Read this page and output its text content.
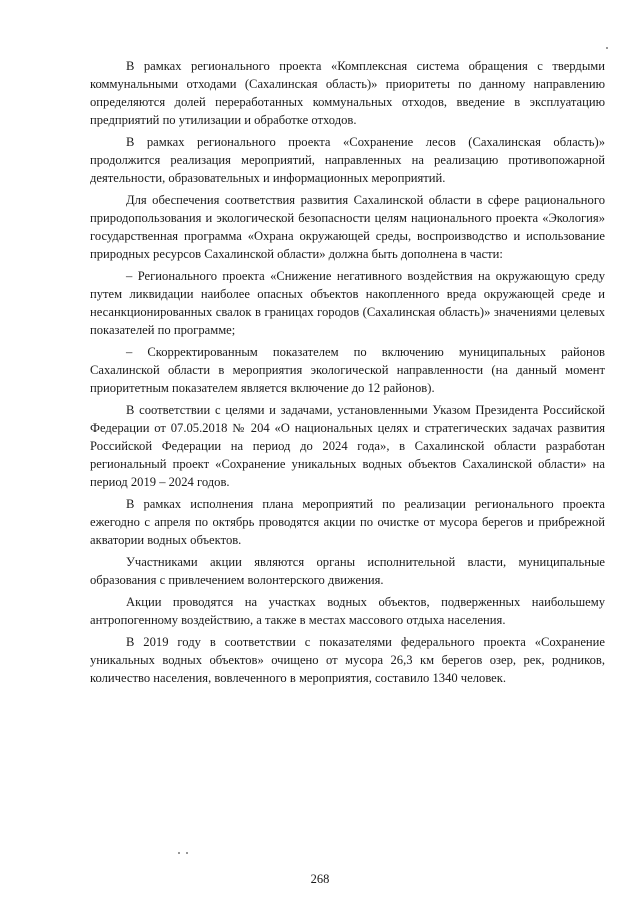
В рамках регионального проекта «Комплексная система обращения с твердыми коммунальными отходами (Сахалинская область)» приоритеты по данному направлению определяются долей переработанных коммунальных отходов, введение в эксплуатацию предприятий по утилизации и обработке отходов.

В рамках регионального проекта «Сохранение лесов (Сахалинская область)» продолжится реализация мероприятий, направленных на реализацию противопожарной деятельности, образовательных и информационных мероприятий.

Для обеспечения соответствия развития Сахалинской области в сфере рационального природопользования и экологической безопасности целям национального проекта «Экология» государственная программа «Охрана окружающей среды, воспроизводство и использование природных ресурсов Сахалинской области» должна быть дополнена в части:

– Регионального проекта «Снижение негативного воздействия на окружающую среду путем ликвидации наиболее опасных объектов накопленного вреда окружающей среде и несанкционированных свалок в границах городов (Сахалинская область)» значениями целевых показателей по программе;

– Скорректированным показателем по включению муниципальных районов Сахалинской области в мероприятия экологической направленности (на данный момент приоритетным показателем является включение до 12 районов).

В соответствии с целями и задачами, установленными Указом Президента Российской Федерации от 07.05.2018 № 204 «О национальных целях и стратегических задачах развития Российской Федерации на период до 2024 года», в Сахалинской области разработан региональный проект «Сохранение уникальных водных объектов Сахалинской области» на период 2019 – 2024 годов.

В рамках исполнения плана мероприятий по реализации регионального проекта ежегодно с апреля по октябрь проводятся акции по очистке от мусора берегов и прибрежной акватории водных объектов.

Участниками акции являются органы исполнительной власти, муниципальные образования с привлечением волонтерского движения.

Акции проводятся на участках водных объектов, подверженных наибольшему антропогенному воздействию, а также в местах массового отдыха населения.

В 2019 году в соответствии с показателями федерального проекта «Сохранение уникальных водных объектов» очищено от мусора 26,3 км берегов озер, рек, родников, количество населения, вовлеченного в мероприятия, составило 1340 человек.

268
